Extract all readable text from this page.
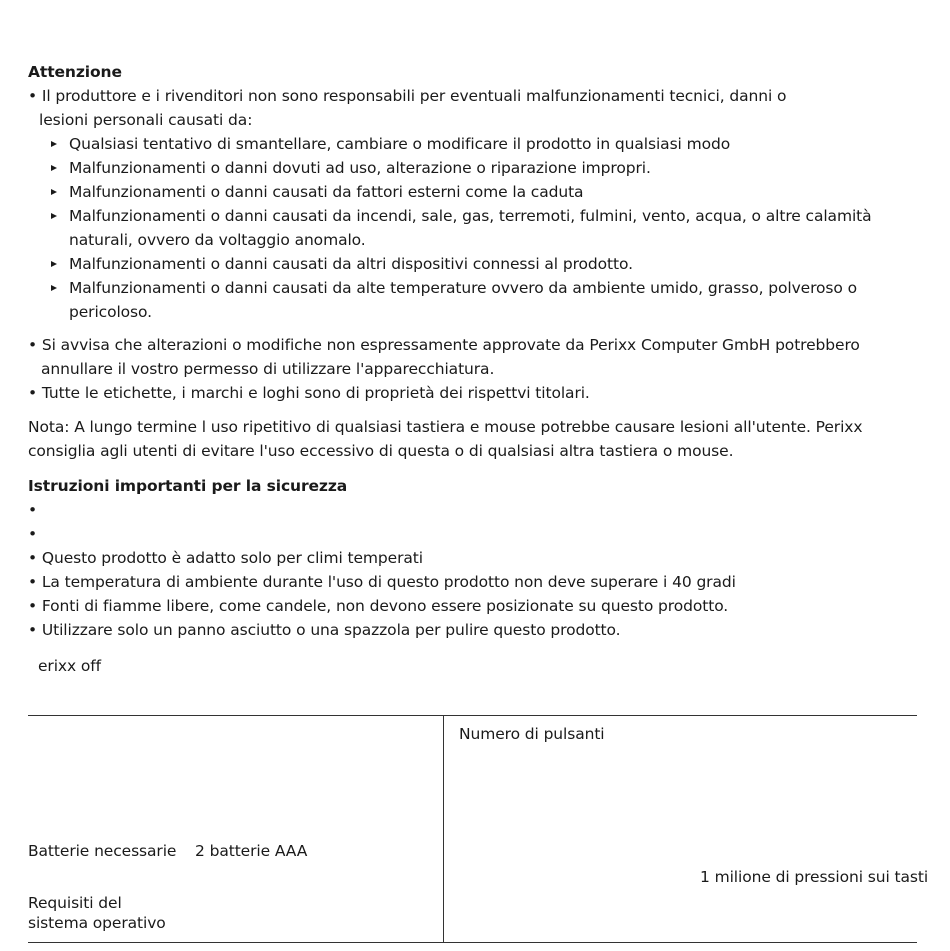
Attenzione
• Il produttore e i rivenditori non sono responsabili per eventuali malfunzionamenti tecnici, danni o
lesioni personali causati da:
Qualsiasi tentativo di smantellare, cambiare o modificare il prodotto in qualsiasi modo
Malfunzionamenti o danni dovuti ad uso, alterazione o riparazione impropri.
Malfunzionamenti o danni causati da fattori esterni come la caduta
Malfunzionamenti o danni causati da incendi, sale, gas, terremoti, fulmini, vento, acqua, o altre calamità
naturali, ovvero da voltaggio anomalo.
Malfunzionamenti o danni causati da altri dispositivi connessi al prodotto.
Malfunzionamenti o danni causati da alte temperature ovvero da ambiente umido, grasso, polveroso o
pericoloso.
• Si avvisa che alterazioni o modifiche non espressamente approvate da Perixx Computer GmbH potrebbero
annullare il vostro permesso di utilizzare l'apparecchiatura.
• Tutte le etichette, i marchi e loghi sono di proprietà dei rispettvi titolari.
Nota: A lungo termine l uso ripetitivo di qualsiasi tastiera e mouse potrebbe causare lesioni all'utente. Perixx
consiglia agli utenti di evitare l'uso eccessivo di questa o di qualsiasi altra tastiera o mouse.
Istruzioni importanti per la sicurezza
•
•
• Questo prodotto è adatto solo per climi temperati
• La temperatura di ambiente durante l'uso di questo prodotto non deve superare i 40 gradi
• Fonti di fiamme libere, come candele, non devono essere posizionate su questo prodotto.
• Utilizzare solo un panno asciutto o una spazzola per pulire questo prodotto.
erixx off
Numero di pulsanti
Batterie necessarie 2 batterie AAA
1 milione di pressioni sui tasti
Requisiti del
sistema operativo
